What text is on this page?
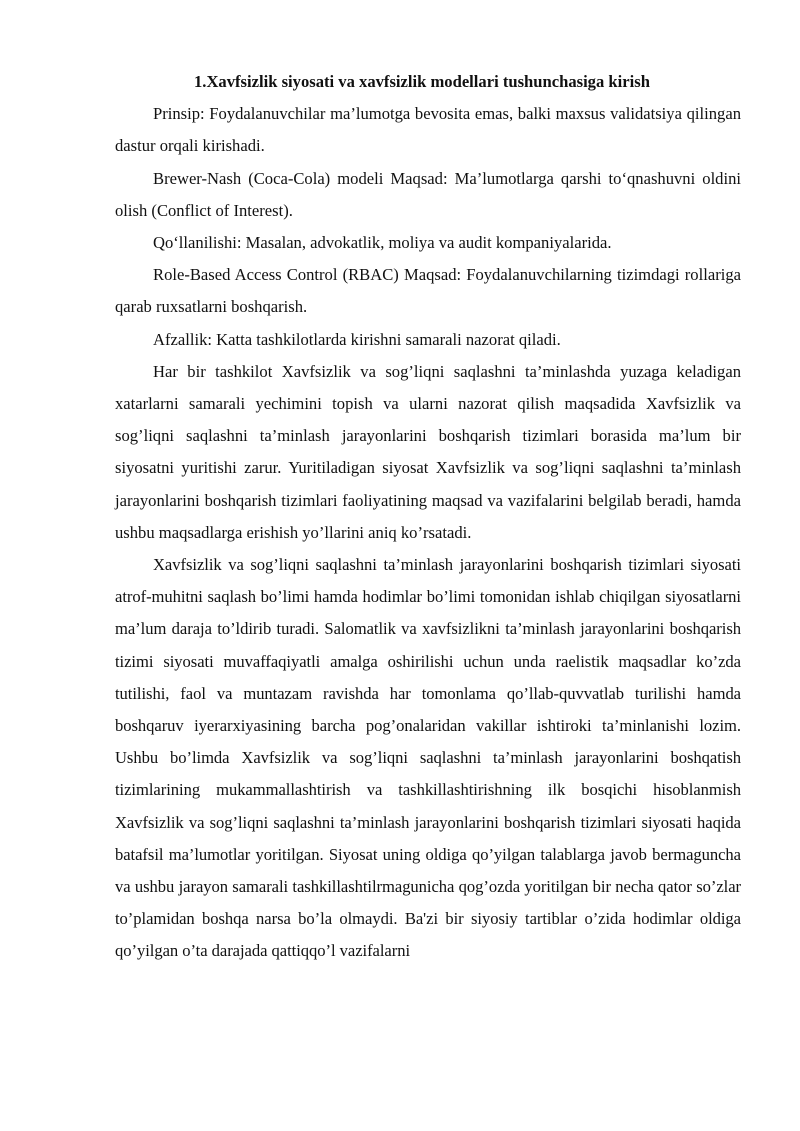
1.Xavfsizlik siyosati va xavfsizlik modellari tushunchasiga kirish

Prinsip: Foydalanuvchilar ma’lumotga bevosita emas, balki maxsus validatsiya qilingan dastur orqali kirishadi.

Brewer-Nash (Coca-Cola) modeli Maqsad: Ma’lumotlarga qarshi to‘qnashuvni oldini olish (Conflict of Interest).

Qo‘llanilishi: Masalan, advokatlik, moliya va audit kompaniyalarida.

Role-Based Access Control (RBAC) Maqsad: Foydalanuvchilarning tizimdagi rollariga qarab ruxsatlarni boshqarish.

Afzallik: Katta tashkilotlarda kirishni samarali nazorat qiladi.

Har bir tashkilot Xavfsizlik va sog’liqni saqlashni ta’minlashda yuzaga keladigan xatarlarni samarali yechimini topish va ularni nazorat qilish maqsadida Xavfsizlik va sog’liqni saqlashni ta’minlash jarayonlarini boshqarish tizimlari borasida ma’lum bir siyosatni yuritishi zarur. Yuritiladigan siyosat Xavfsizlik va sog’liqni saqlashni ta’minlash jarayonlarini boshqarish tizimlari faoliyatining maqsad va vazifalarini belgilab beradi, hamda ushbu maqsadlarga erishish yo’llarini aniq ko’rsatadi.

Xavfsizlik va sog’liqni saqlashni ta’minlash jarayonlarini boshqarish tizimlari siyosati atrof-muhitni saqlash bo’limi hamda hodimlar bo’limi tomonidan ishlab chiqilgan siyosatlarni ma’lum daraja to’ldirib turadi. Salomatlik va xavfsizlikni ta’minlash jarayonlarini boshqarish tizimi siyosati muvaffaqiyatli amalga oshirilishi uchun unda raelistik maqsadlar ko’zda tutilishi, faol va muntazam ravishda har tomonlama qo’llab-quvvatlab turilishi hamda boshqaruv iyerarxiyasining barcha pog’onalaridan vakillar ishtiroki ta’minlanishi lozim. Ushbu bo’limda Xavfsizlik va sog’liqni saqlashni ta’minlash jarayonlarini boshqatish tizimlarining mukammallashtirish va tashkillashtirishning ilk bosqichi hisoblanmish Xavfsizlik va sog’liqni saqlashni ta’minlash jarayonlarini boshqarish tizimlari siyosati haqida batafsil ma’lumotlar yoritilgan. Siyosat uning oldiga qo’yilgan talablarga javob bermaguncha va ushbu jarayon samarali tashkillashtilrmagunicha qog’ozda yoritilgan bir necha qator so’zlar to’plamidan boshqa narsa bo’la olmaydi. Ba'zi bir siyosiy tartiblar o’zida hodimlar oldiga qo’yilgan o’ta darajada qattiqqo’l vazifalarni
